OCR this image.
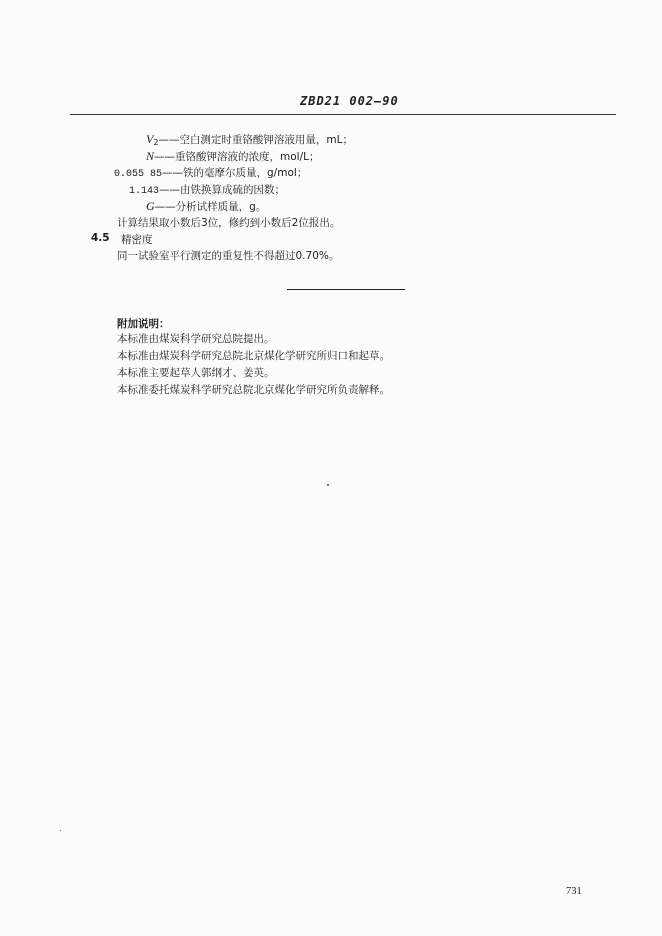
ZBD21 002—90
$V_2——$空白测定时重铬酸钾溶液用量，mL；
N——重铬酸钾溶液的浓度，mol/L；
0.055 85——铁的毫摩尔质量，g/mol；
1.143——由铁换算成硫的因数；
G——分析试样质量，g。
计算结果取小数后3位，修约到小数后2位报出。
4.5 精密度
同一试验室平行测定的重复性不得超过0.70%。
附加说明：
本标准由煤炭科学研究总院提出。
本标准由煤炭科学研究总院北京煤化学研究所归口和起草。
本标准主要起草人郭纲才、姜英。
本标准委托煤炭科学研究总院北京煤化学研究所负责解释。
731
